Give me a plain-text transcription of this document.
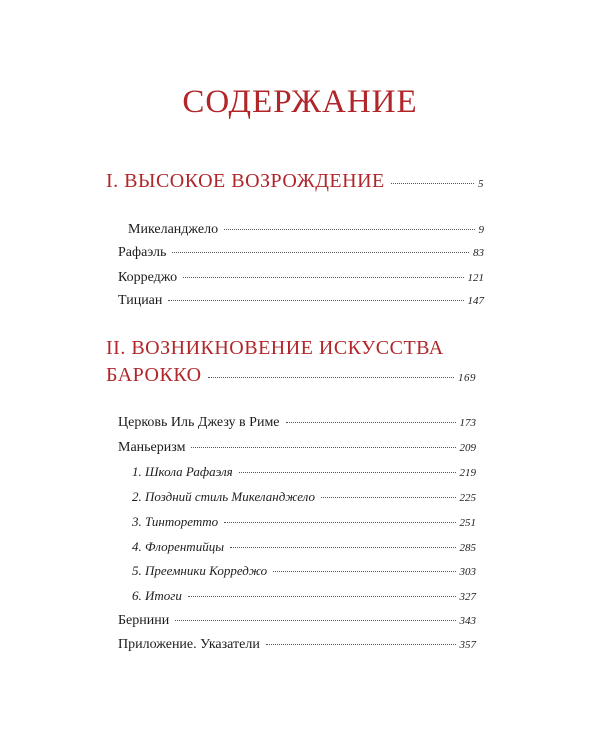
СОДЕРЖАНИЕ
I. ВЫСОКОЕ ВОЗРОЖДЕНИЕ	5
Микеланджело	9
Рафаэль	83
Корреджо	121
Тициан	147
II. ВОЗНИКНОВЕНИЕ ИСКУССТВА
БАРОККО	169
Церковь Иль Джезу в Риме	173
Маньеризм	209
1. Школа Рафаэля	219
2. Поздний стиль Микеланджело	225
3. Тинторетто	251
4. Флорентийцы	285
5. Преемники Корреджо	303
6. Итоги	327
Бернини	343
Приложение. Указатели	357
